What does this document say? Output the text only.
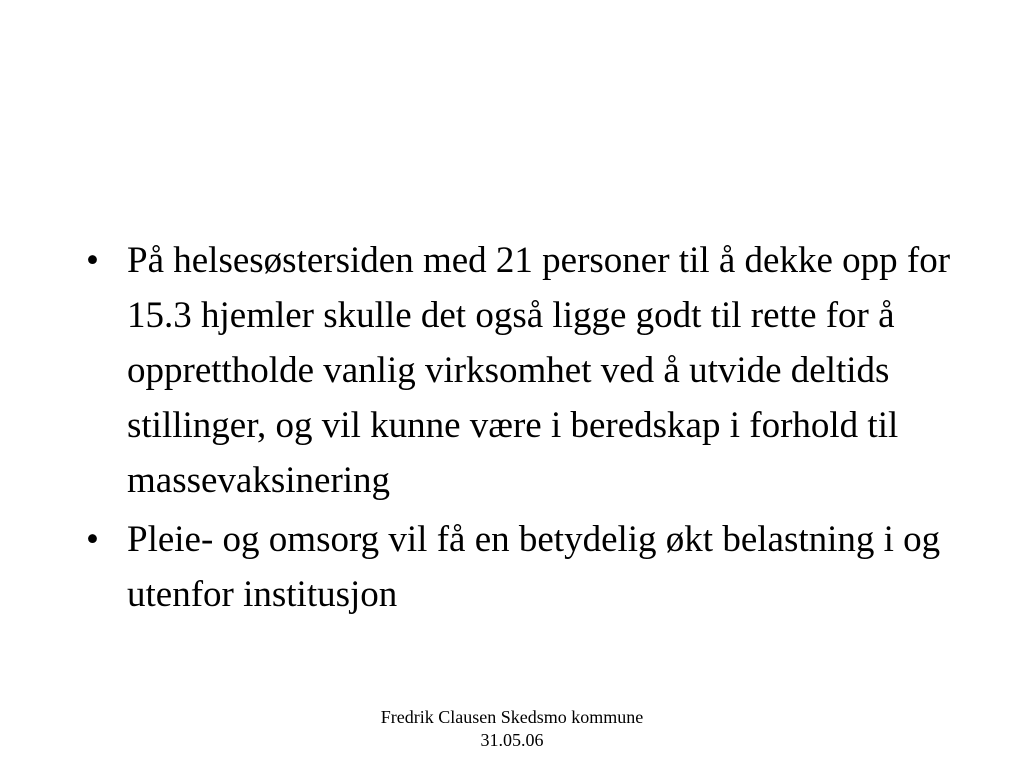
• På helsesøstersiden med 21 personer til å dekke opp for 15.3 hjemler skulle det også ligge godt til rette for å opprettholde vanlig virksomhet ved å utvide deltids stillinger, og vil kunne være i beredskap i forhold til massevaksinering
• Pleie- og omsorg vil få en betydelig økt belastning i og utenfor institusjon
Fredrik Clausen Skedsmo kommune
31.05.06
